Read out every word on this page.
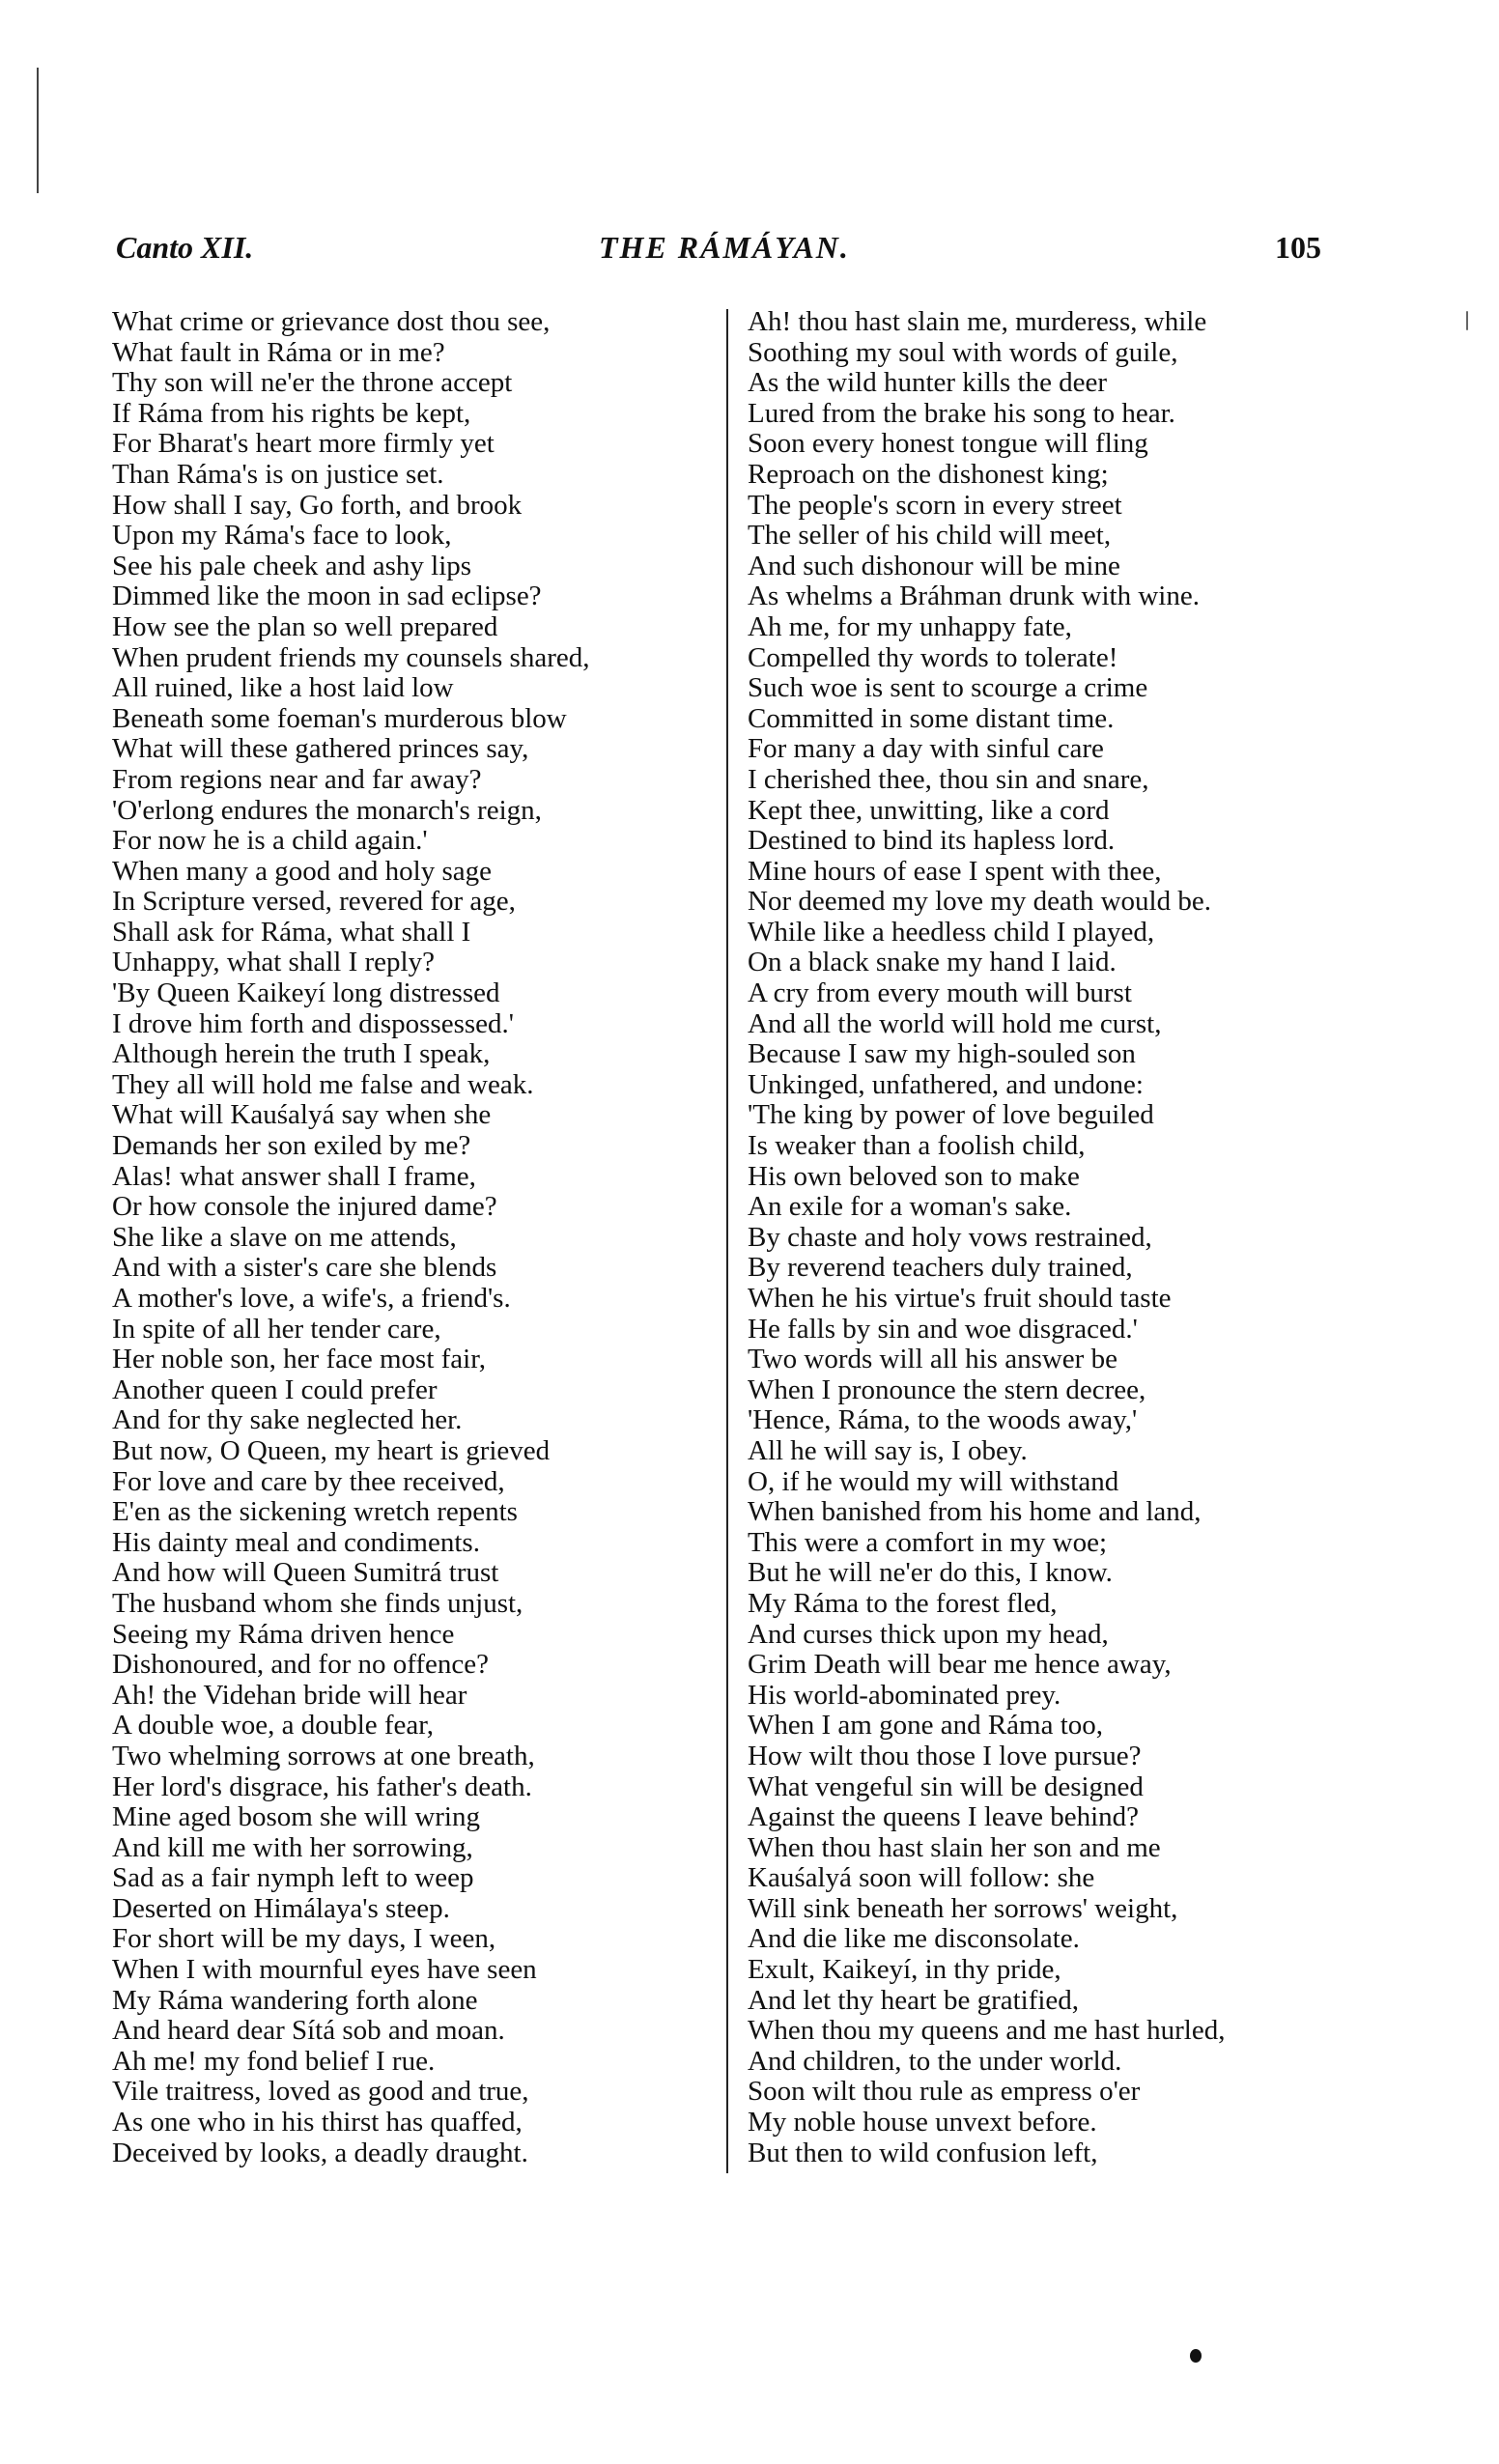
Canto XII.	THE RÁMÁYAN.	105
What crime or grievance dost thou see,
What fault in Ráma or in me?
Thy son will ne'er the throne accept
If Ráma from his rights be kept,
For Bharat's heart more firmly yet
Than Ráma's is on justice set.
How shall I say, Go forth, and brook
Upon my Ráma's face to look,
See his pale cheek and ashy lips
Dimmed like the moon in sad eclipse?
How see the plan so well prepared
When prudent friends my counsels shared,
All ruined, like a host laid low
Beneath some foeman's murderous blow
What will these gathered princes say,
From regions near and far away?
'O'erlong endures the monarch's reign,
For now he is a child again.'
When many a good and holy sage
In Scripture versed, revered for age,
Shall ask for Ráma, what shall I
Unhappy, what shall I reply?
'By Queen Kaikeyí long distressed
I drove him forth and dispossessed.'
Although herein the truth I speak,
They all will hold me false and weak.
What will Kauśalyá say when she
Demands her son exiled by me?
Alas! what answer shall I frame,
Or how console the injured dame?
She like a slave on me attends,
And with a sister's care she blends
A mother's love, a wife's, a friend's.
In spite of all her tender care,
Her noble son, her face most fair,
Another queen I could prefer
And for thy sake neglected her.
But now, O Queen, my heart is grieved
For love and care by thee received,
E'en as the sickening wretch repents
His dainty meal and condiments.
And how will Queen Sumitrá trust
The husband whom she finds unjust,
Seeing my Ráma driven hence
Dishonoured, and for no offence?
Ah! the Videhan bride will hear
A double woe, a double fear,
Two whelming sorrows at one breath,
Her lord's disgrace, his father's death.
Mine aged bosom she will wring
And kill me with her sorrowing,
Sad as a fair nymph left to weep
Deserted on Himálaya's steep.
For short will be my days, I ween,
When I with mournful eyes have seen
My Ráma wandering forth alone
And heard dear Sítá sob and moan.
Ah me! my fond belief I rue.
Vile traitress, loved as good and true,
As one who in his thirst has quaffed,
Deceived by looks, a deadly draught.
Ah! thou hast slain me, murderess, while
Soothing my soul with words of guile,
As the wild hunter kills the deer
Lured from the brake his song to hear.
Soon every honest tongue will fling
Reproach on the dishonest king;
The people's scorn in every street
The seller of his child will meet,
And such dishonour will be mine
As whelms a Bráhman drunk with wine.
Ah me, for my unhappy fate,
Compelled thy words to tolerate!
Such woe is sent to scourge a crime
Committed in some distant time.
For many a day with sinful care
I cherished thee, thou sin and snare,
Kept thee, unwitting, like a cord
Destined to bind its hapless lord.
Mine hours of ease I spent with thee,
Nor deemed my love my death would be.
While like a heedless child I played,
On a black snake my hand I laid.
A cry from every mouth will burst
And all the world will hold me curst,
Because I saw my high-souled son
Unkinged, unfathered, and undone:
'The king by power of love beguiled
Is weaker than a foolish child,
His own beloved son to make
An exile for a woman's sake.
By chaste and holy vows restrained,
By reverend teachers duly trained,
When he his virtue's fruit should taste
He falls by sin and woe disgraced.'
Two words will all his answer be
When I pronounce the stern decree,
'Hence, Ráma, to the woods away,'
All he will say is, I obey.
O, if he would my will withstand
When banished from his home and land,
This were a comfort in my woe;
But he will ne'er do this, I know.
My Ráma to the forest fled,
And curses thick upon my head,
Grim Death will bear me hence away,
His world-abominated prey.
When I am gone and Ráma too,
How wilt thou those I love pursue?
What vengeful sin will be designed
Against the queens I leave behind?
When thou hast slain her son and me
Kauśalyá soon will follow: she
Will sink beneath her sorrows' weight,
And die like me disconsolate.
Exult, Kaikeyí, in thy pride,
And let thy heart be gratified,
When thou my queens and me hast hurled,
And children, to the under world.
Soon wilt thou rule as empress o'er
My noble house unvext before.
But then to wild confusion left,
